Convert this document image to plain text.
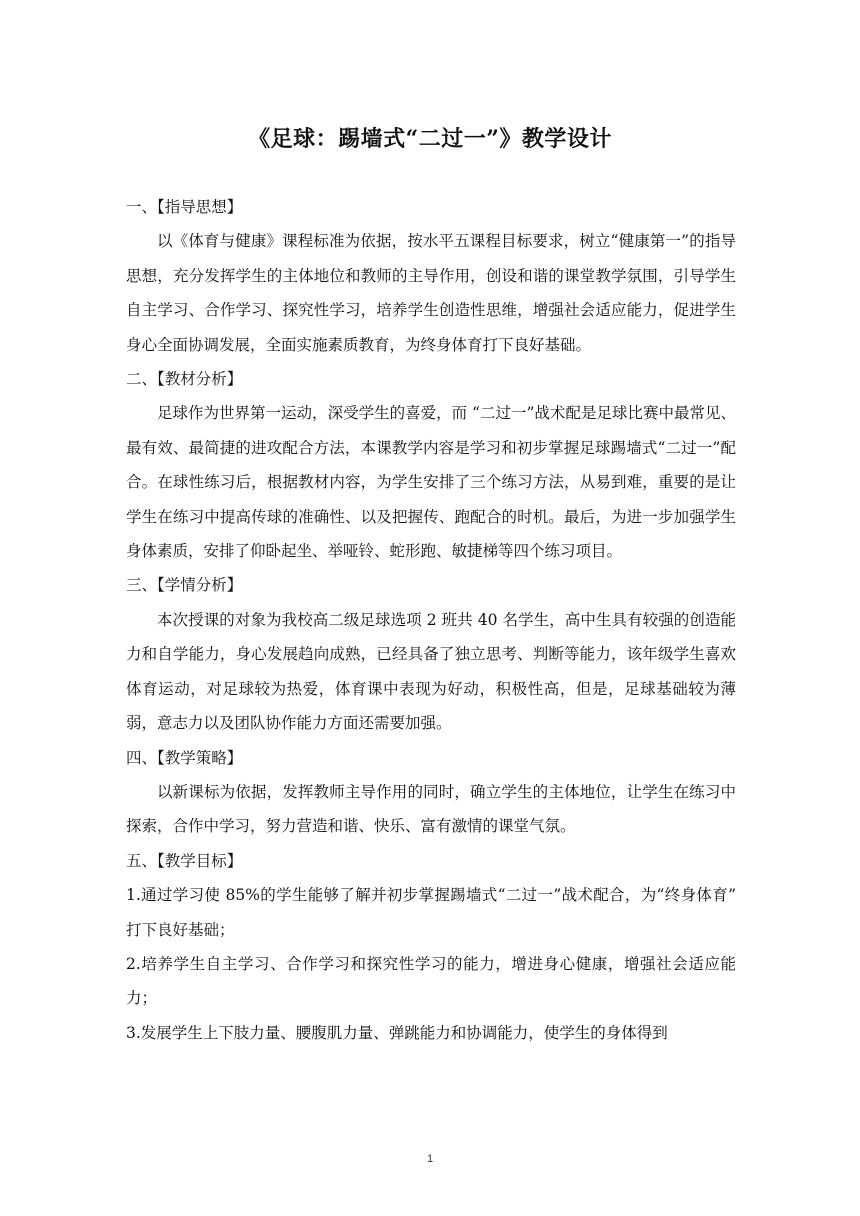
《足球：踢墙式“二过一”》教学设计
一、【指导思想】

以《体育与健康》课程标准为依据，按水平五课程目标要求，树立“健康第一”的指导思想，充分发挥学生的主体地位和教师的主导作用，创设和谐的课堂教学氛围，引导学生自主学习、合作学习、探究性学习，培养学生创造性思维，增强社会适应能力，促进学生身心全面协调发展，全面实施素质教育，为终身体育打下良好基础。

二、【教材分析】

足球作为世界第一运动，深受学生的喜爱，而 “二过一”战术配是足球比赛中最常见、最有效、最简捷的进攻配合方法，本课教学内容是学习和初步掌握足球踢墙式“二过一”配合。在球性练习后，根据教材内容，为学生安排了三个练习方法，从易到难，重要的是让学生在练习中提高传球的准确性、以及把握传、跑配合的时机。最后，为进一步加强学生身体素质，安排了仰卧起坐、举哑铃、蛇形跑、敏捷梯等四个练习项目。

三、【学情分析】

本次授课的对象为我校高二级足球选项 2 班共 40 名学生，高中生具有较强的创造能力和自学能力，身心发展趋向成熟，已经具备了独立思考、判断等能力，该年级学生喜欢体育运动，对足球较为热爱，体育课中表现为好动，积极性高，但是，足球基础较为薄弱，意志力以及团队协作能力方面还需要加强。

四、【教学策略】

以新课标为依据，发挥教师主导作用的同时，确立学生的主体地位，让学生在练习中探索，合作中学习，努力营造和谐、快乐、富有激情的课堂气氛。

五、【教学目标】

1.通过学习使 85%的学生能够了解并初步掌握踢墙式“二过一”战术配合，为“终身体育” 打下良好基础；

2.培养学生自主学习、合作学习和探究性学习的能力，增进身心健康，增强社会适应能力；

3.发展学生上下肢力量、腰腹肌力量、弹跳能力和协调能力，使学生的身体得到

1
